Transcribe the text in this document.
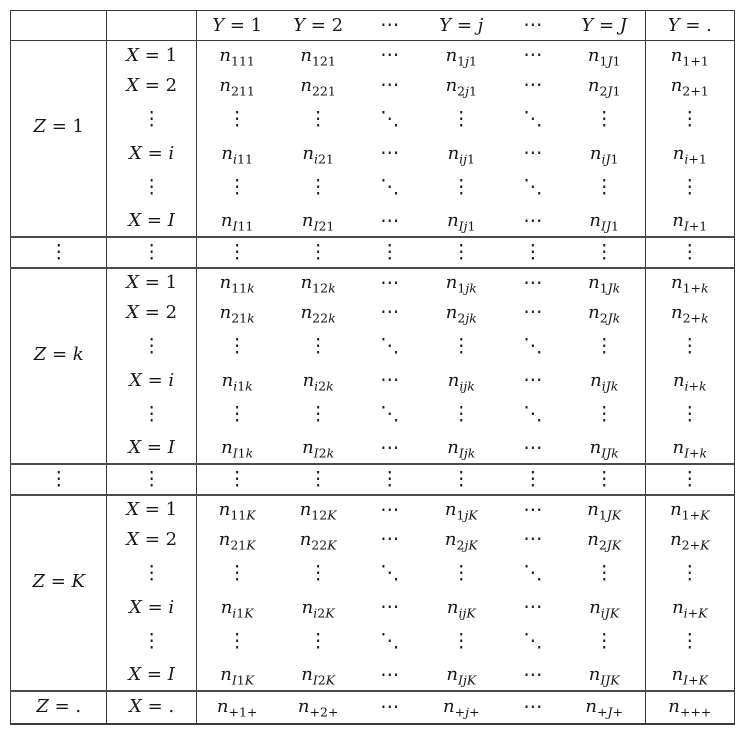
		Y = 1	Y = 2	⋯	Y = j	⋯	Y = J	Y = .
Z = 1	X = 1	$n_{111}$	$n_{121}$	⋯	$n_{1j1}$	⋯	$n_{1J1}$	$n_{1+1}$
	X = 2	$n_{211}$	$n_{221}$	⋯	$n_{2j1}$	⋯	$n_{2J1}$	$n_{2+1}$
	⋮	⋮	⋮	⋱	⋮	⋱	⋮	⋮
	X = i	$n_{i11}$	$n_{i21}$	⋯	$n_{ij1}$	⋯	$n_{iJ1}$	$n_{i+1}$
	⋮	⋮	⋮	⋱	⋮	⋱	⋮	⋮
	X = I	$n_{I11}$	$n_{I21}$	⋯	$n_{Ij1}$	⋯	$n_{IJ1}$	$n_{I+1}$
⋮	⋮	⋮	⋮	⋮	⋮	⋮	⋮	⋮
Z = k	X = 1	$n_{11k}$	$n_{12k}$	⋯	$n_{1jk}$	⋯	$n_{1Jk}$	$n_{1+k}$
	X = 2	$n_{21k}$	$n_{22k}$	⋯	$n_{2jk}$	⋯	$n_{2Jk}$	$n_{2+k}$
	⋮	⋮	⋮	⋱	⋮	⋱	⋮	⋮
	X = i	$n_{i1k}$	$n_{i2k}$	⋯	$n_{ijk}$	⋯	$n_{iJk}$	$n_{i+k}$
	⋮	⋮	⋮	⋱	⋮	⋱	⋮	⋮
	X = I	$n_{I1k}$	$n_{I2k}$	⋯	$n_{Ijk}$	⋯	$n_{IJk}$	$n_{I+k}$
⋮	⋮	⋮	⋮	⋮	⋮	⋮	⋮	⋮
Z = K	X = 1	$n_{11K}$	$n_{12K}$	⋯	$n_{1jK}$	⋯	$n_{1JK}$	$n_{1+K}$
	X = 2	$n_{21K}$	$n_{22K}$	⋯	$n_{2jK}$	⋯	$n_{2JK}$	$n_{2+K}$
	⋮	⋮	⋮	⋱	⋮	⋱	⋮	⋮
	X = i	$n_{i1K}$	$n_{i2K}$	⋯	$n_{ijK}$	⋯	$n_{iJK}$	$n_{i+K}$
	⋮	⋮	⋮	⋱	⋮	⋱	⋮	⋮
	X = I	$n_{I1K}$	$n_{I2K}$	⋯	$n_{IjK}$	⋯	$n_{IJK}$	$n_{I+K}$
Z = .	X = .	$n_{+1+}$	$n_{+2+}$	⋯	$n_{+j+}$	⋯	$n_{+J+}$	$n_{+++}$
